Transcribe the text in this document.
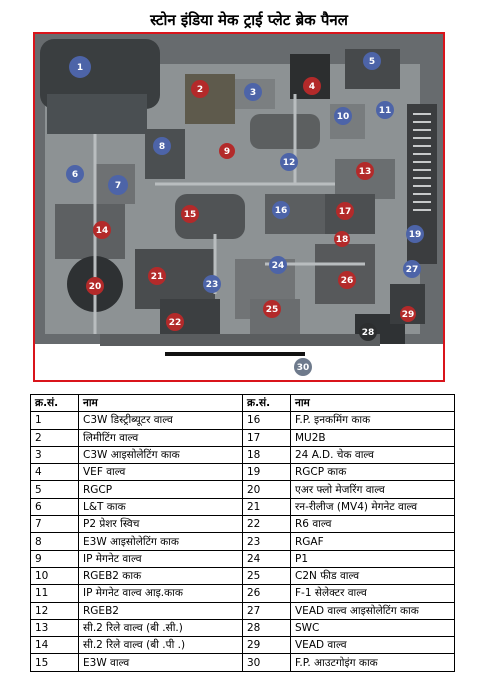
स्टोन इंडिया मेक ट्राई प्लेट ब्रेक पैनल
1
2	3
4
5
6
7
8	9
10
11
12
13
14
15	16	17
18	19
20
21
22
23
24
25
26
27
28
29
30
क्र.सं.	नाम	क्र.सं.	नाम
1	C3W डिस्ट्रीब्यूटर वाल्व	16	F.P. इनकमिंग काक
2	लिमीटिंग वाल्व	17	MU2B
3	C3W आइसोलेटिंग काक	18	24 A.D. चेक वाल्व
4	VEF वाल्व	19	RGCP काक
5	RGCP	20	एअर फ्लो मेजरिंग वाल्व
6	L&T काक	21	रन-रीलीज (MV4) मेगनेट वाल्व
7	P2 प्रेशर स्विच	22	R6 वाल्व
8	E3W आइसोलेटिंग काक	23	RGAF
9	IP मेगनेट वाल्व	24	P1
10	RGEB2 काक	25	C2N फीड वाल्व
11	IP मेगनेट वाल्व आइ.काक	26	F-1 सेलेक्टर वाल्व
12	RGEB2	27	VEAD वाल्व आइसोलेटिंग काक
13	सी.2 रिले वाल्व (बी .सी.)	28	SWC
14	सी.2 रिले वाल्व (बी .पी .)	29	VEAD वाल्व
15	E3W वाल्व	30	F.P. आउटगोइंग काक
